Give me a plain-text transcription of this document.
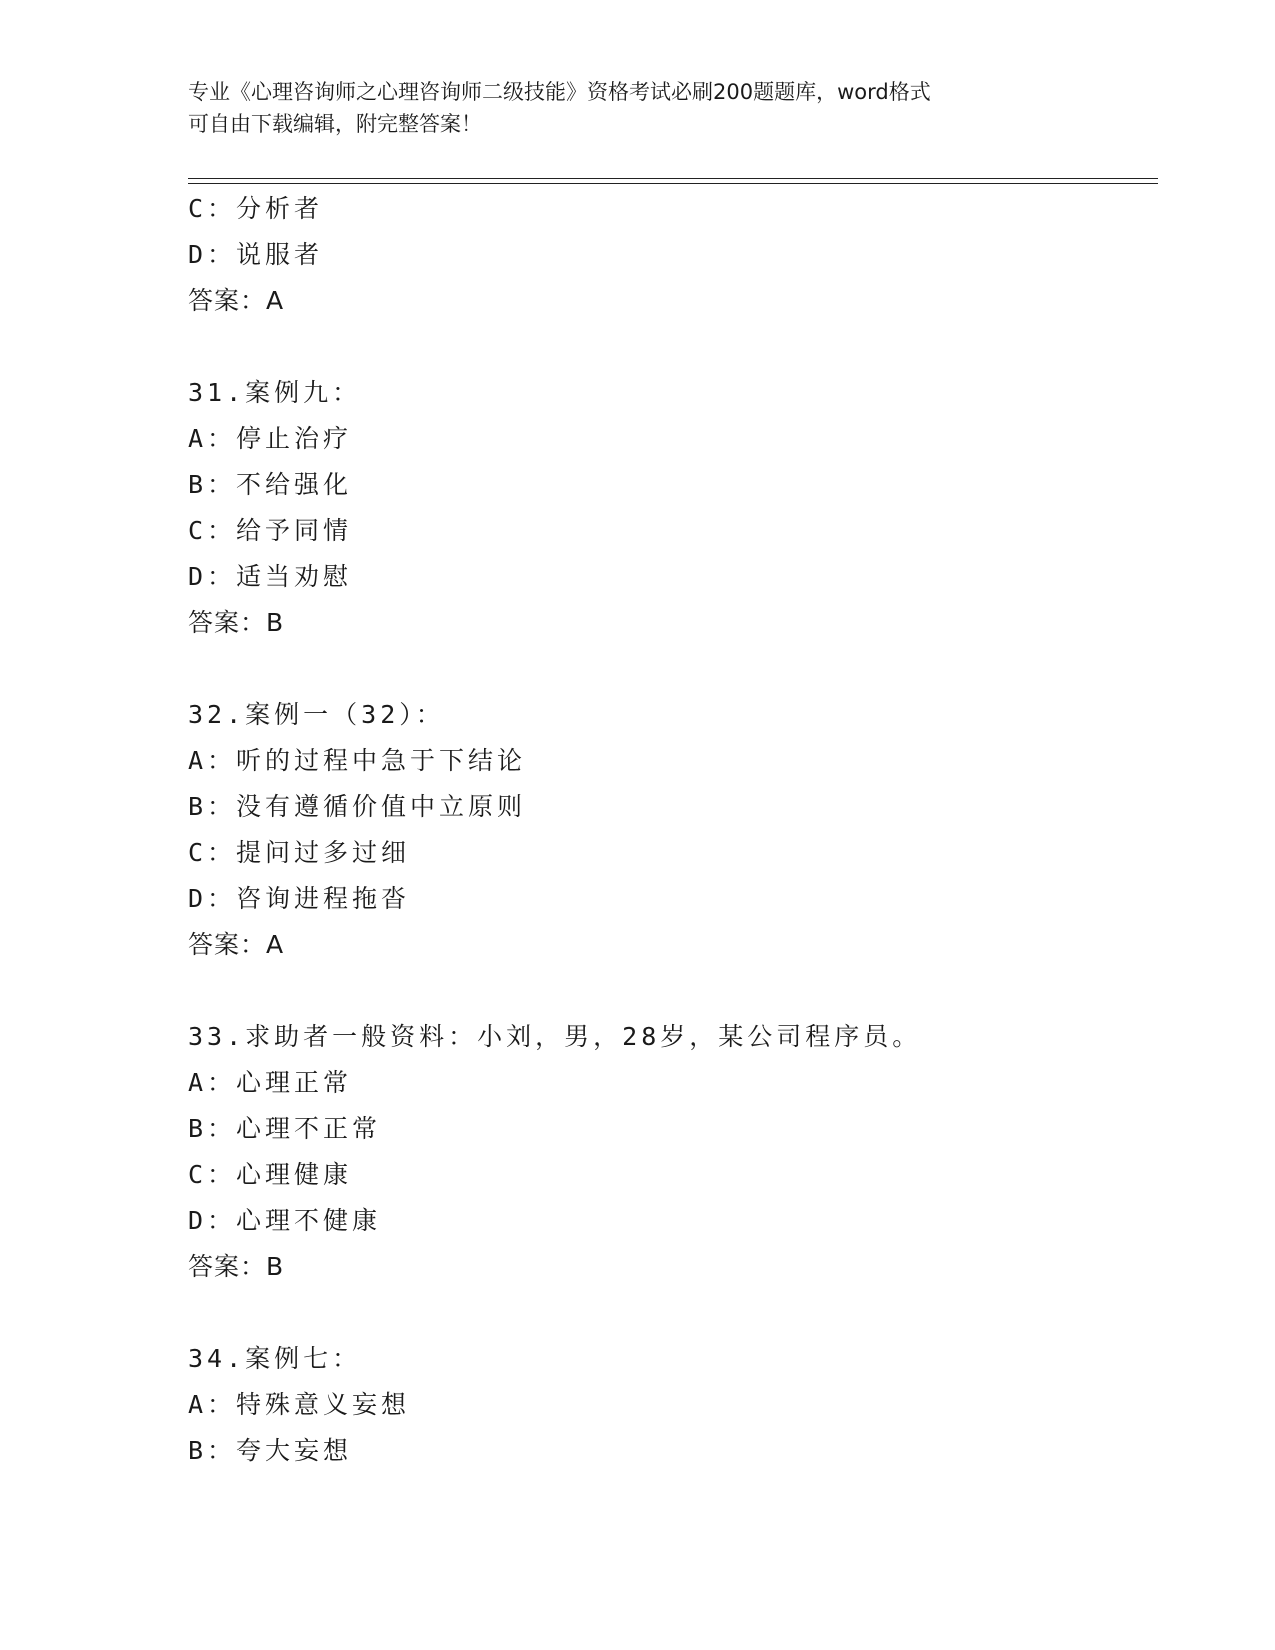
专业《心理咨询师之心理咨询师二级技能》资格考试必刷200题题库，word格式
可自由下载编辑，附完整答案！
C：分析者
D：说服者
答案：A
31.案例九：
A：停止治疗
B：不给强化
C：给予同情
D：适当劝慰
答案：B
32.案例一（32）：
A：听的过程中急于下结论
B：没有遵循价值中立原则
C：提问过多过细
D：咨询进程拖沓
答案：A
33.求助者一般资料：小刘，男，28岁，某公司程序员。
A：心理正常
B：心理不正常
C：心理健康
D：心理不健康
答案：B
34.案例七：
A：特殊意义妄想
B：夸大妄想
